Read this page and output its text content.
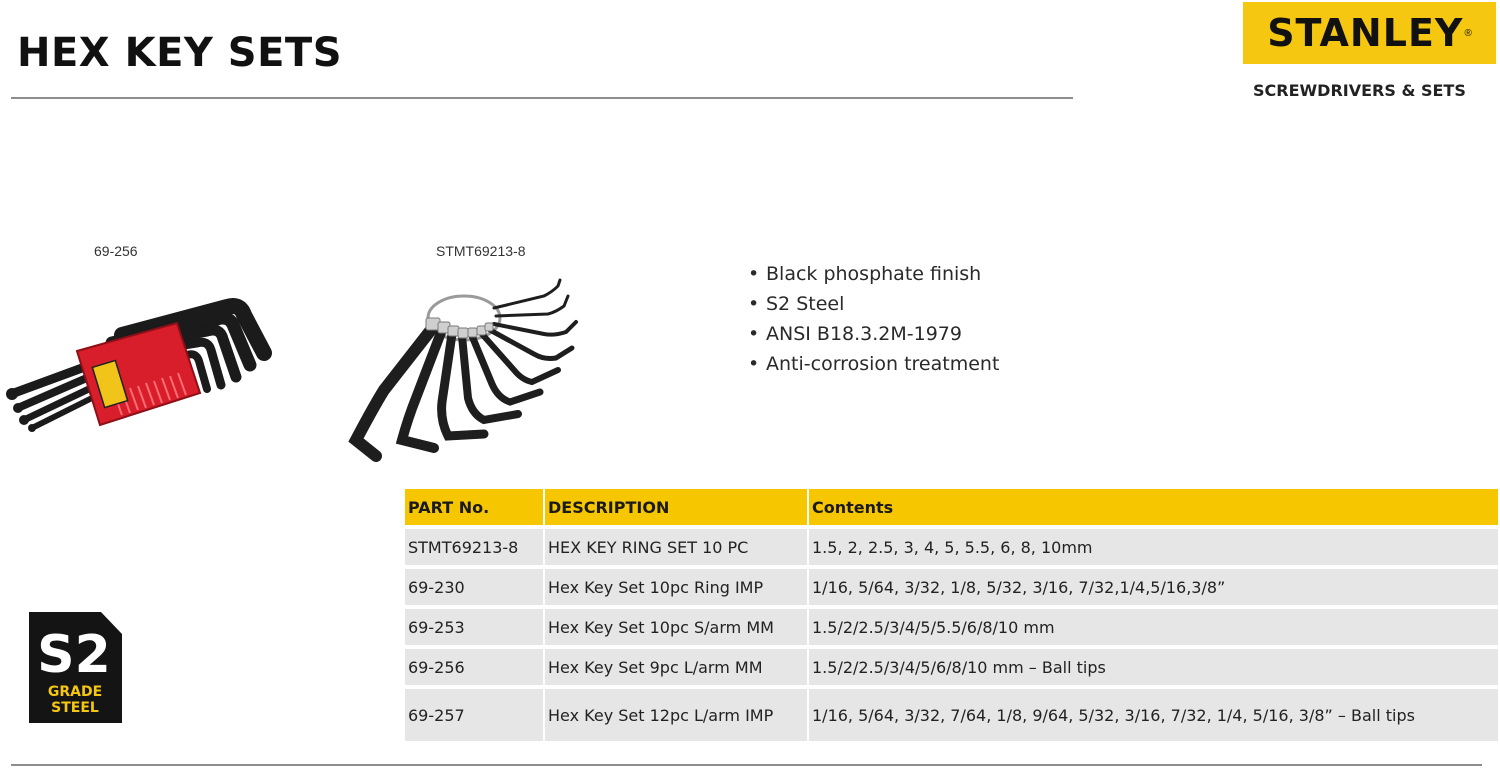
HEX KEY SETS	STANLEY ®
SCREWDRIVERS & SETS
69-256	STMT69213-8
• Black phosphate finish
• S2 Steel
• ANSI B18.3.2M-1979
• Anti-corrosion treatment
PART No.	DESCRIPTION	Contents
STMT69213-8	HEX KEY RING SET 10 PC	1.5, 2, 2.5, 3, 4, 5, 5.5, 6, 8, 10mm
69-230	Hex Key Set 10pc Ring IMP	1/16, 5/64, 3/32, 1/8, 5/32, 3/16, 7/32,1/4,5/16,3/8”
69-253	Hex Key Set 10pc S/arm MM	1.5/2/2.5/3/4/5/5.5/6/8/10 mm
69-256	Hex Key Set 9pc L/arm MM	1.5/2/2.5/3/4/5/6/8/10 mm – Ball tips
69-257	Hex Key Set 12pc L/arm IMP	1/16, 5/64, 3/32, 7/64, 1/8, 9/64, 5/32, 3/16, 7/32, 1/4, 5/16, 3/8” – Ball tips
S2
GRADE
STEEL
